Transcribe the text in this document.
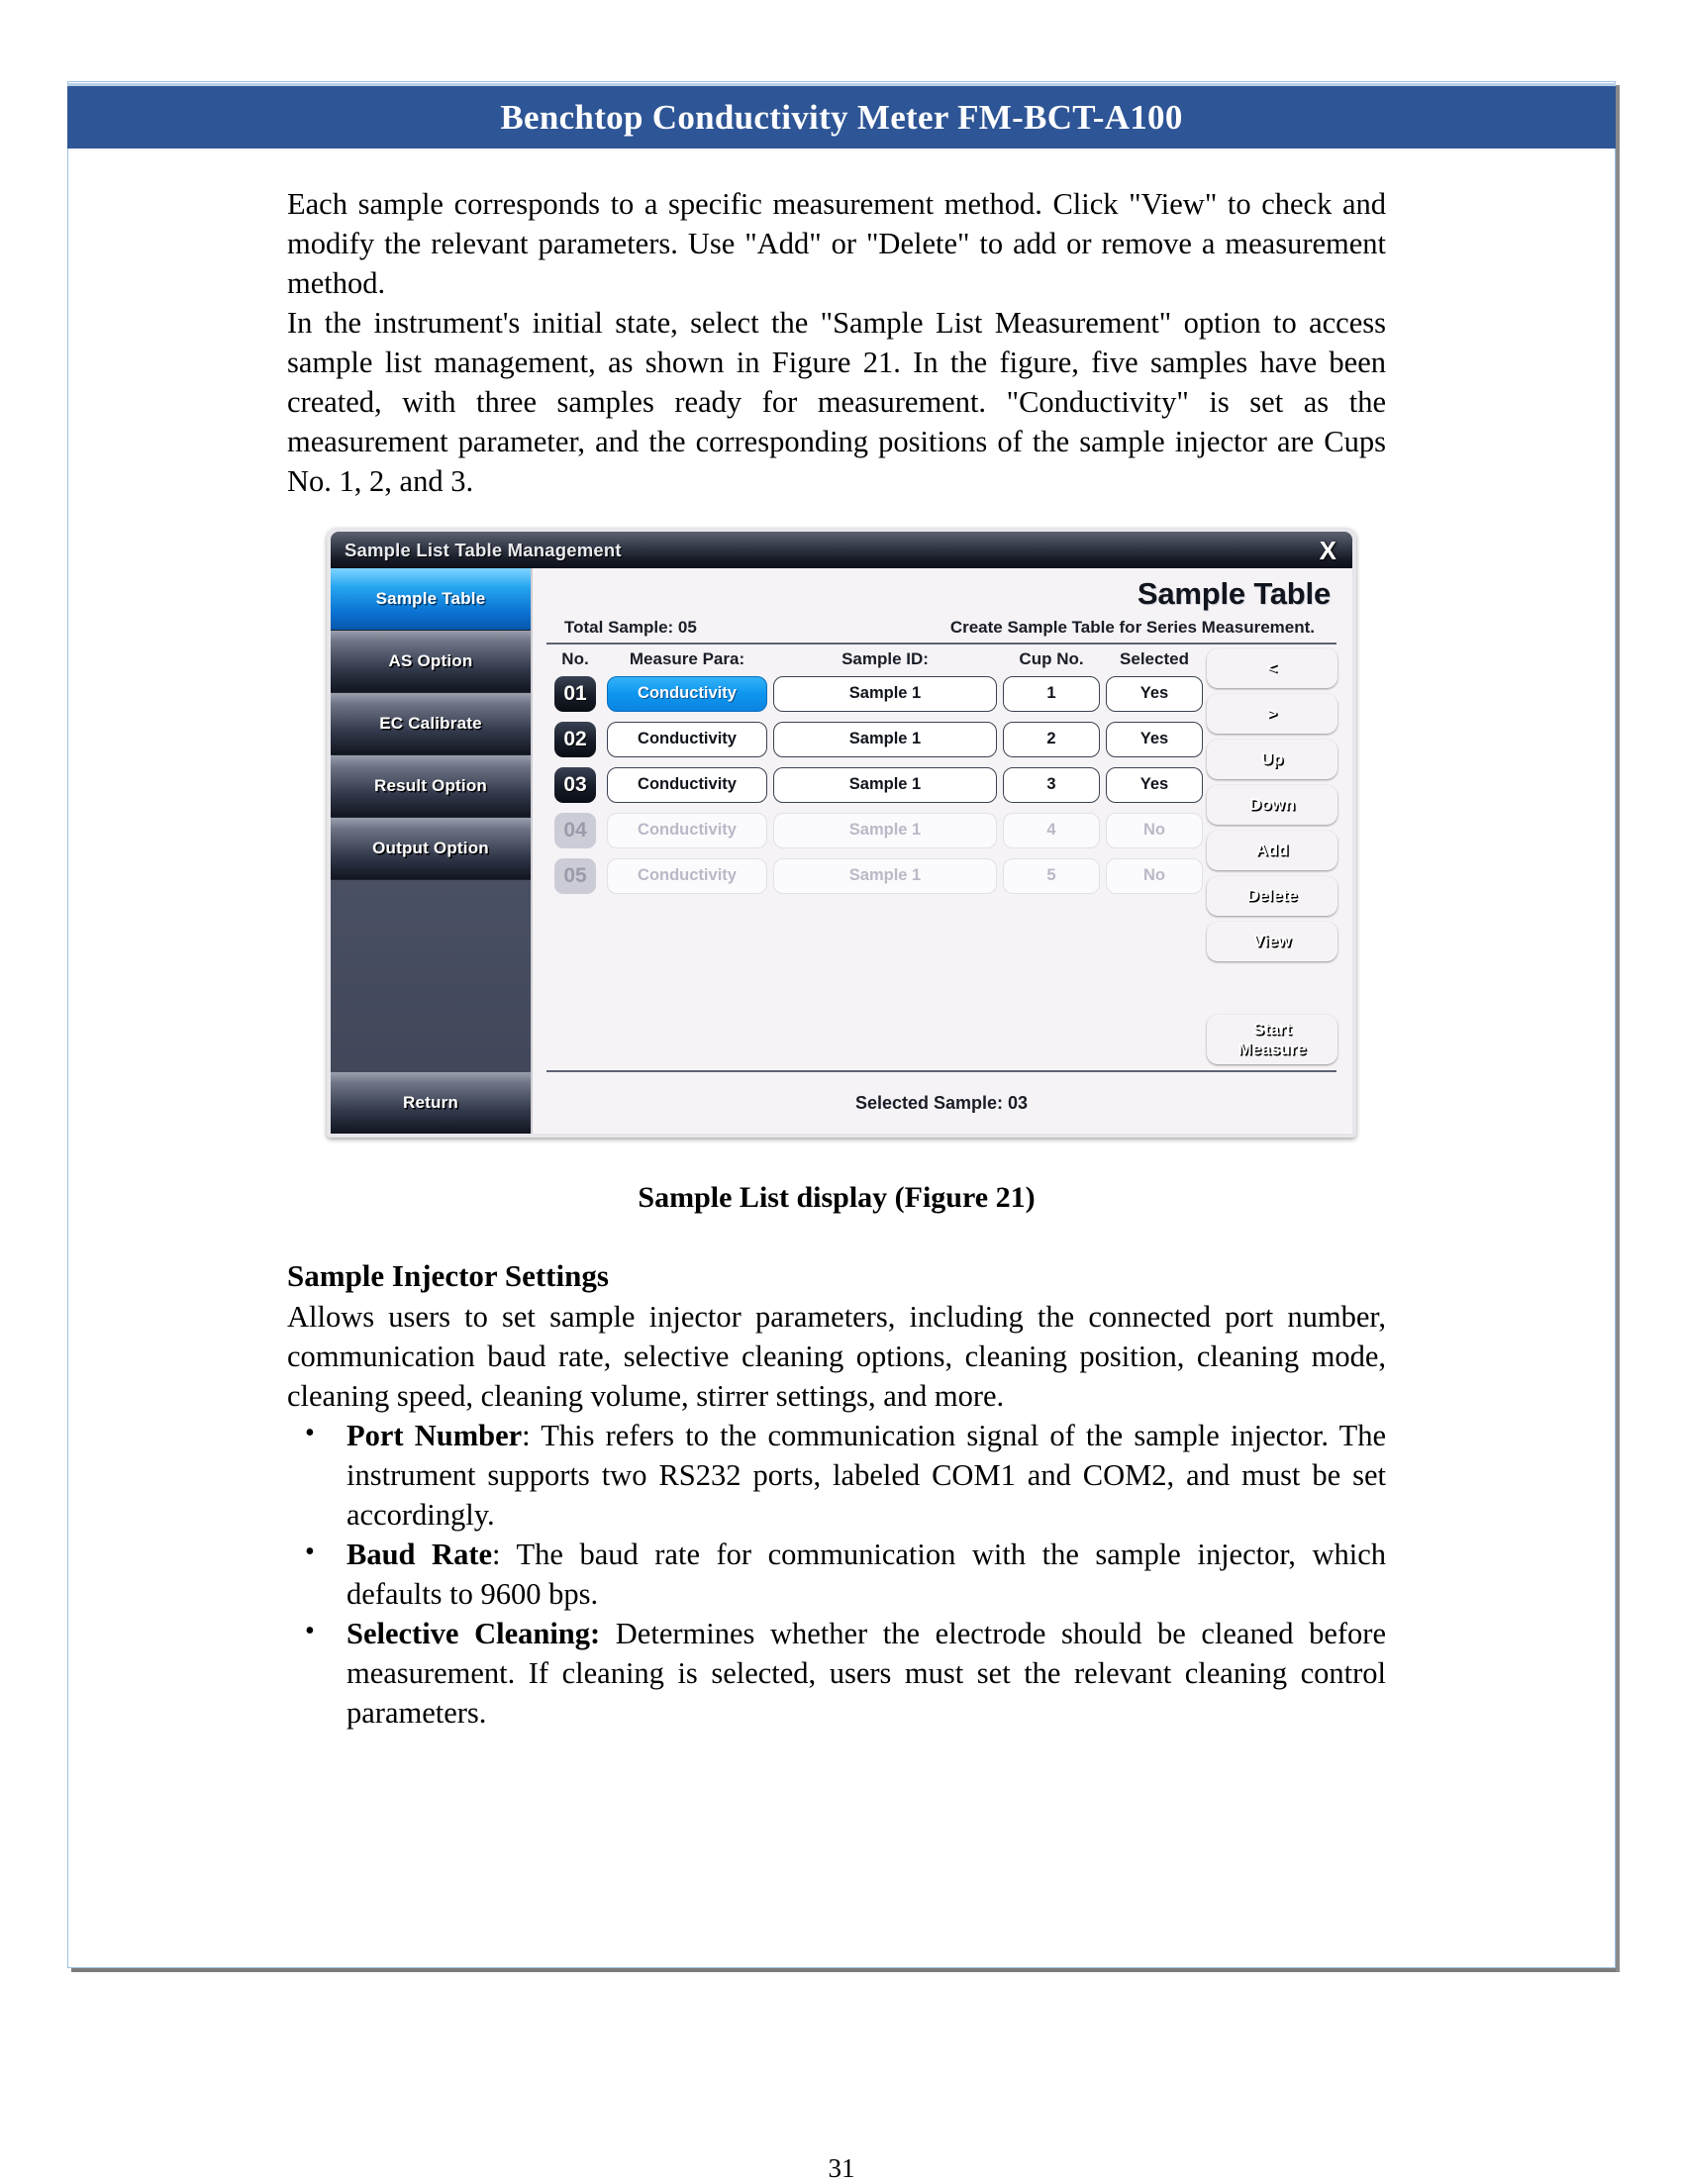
Benchtop Conductivity Meter FM-BCT-A100

Each sample corresponds to a specific measurement method. Click "View" to check and modify the relevant parameters. Use "Add" or "Delete" to add or remove a measurement method.

In the instrument's initial state, select the "Sample List Measurement" option to access sample list management, as shown in Figure 21. In the figure, five samples have been created, with three samples ready for measurement. "Conductivity" is set as the measurement parameter, and the corresponding positions of the sample injector are Cups No. 1, 2, and 3.

Sample List Table Management	X
Sample Table
AS Option
EC Calibrate
Result Option
Output Option
Return
Sample Table
Total Sample: 05	Create Sample Table for Series Measurement.
No.	Measure Para:	Sample ID:	Cup No.	Selected
01	Conductivity	Sample 1	1	Yes
02	Conductivity	Sample 1	2	Yes
03	Conductivity	Sample 1	3	Yes
04	Conductivity	Sample 1	4	No
05	Conductivity	Sample 1	5	No
<
>
Up
Down
Add
Delete
View
Start
Measure
Selected Sample: 03
Sample List display (Figure 21)
Sample Injector Settings

Allows users to set sample injector parameters, including the connected port number, communication baud rate, selective cleaning options, cleaning position, cleaning mode, cleaning speed, cleaning volume, stirrer settings, and more.

• Port Number: This refers to the communication signal of the sample injector. The instrument supports two RS232 ports, labeled COM1 and COM2, and must be set accordingly.
• Baud Rate: The baud rate for communication with the sample injector, which defaults to 9600 bps.
• Selective Cleaning: Determines whether the electrode should be cleaned before measurement. If cleaning is selected, users must set the relevant cleaning control parameters.
31
